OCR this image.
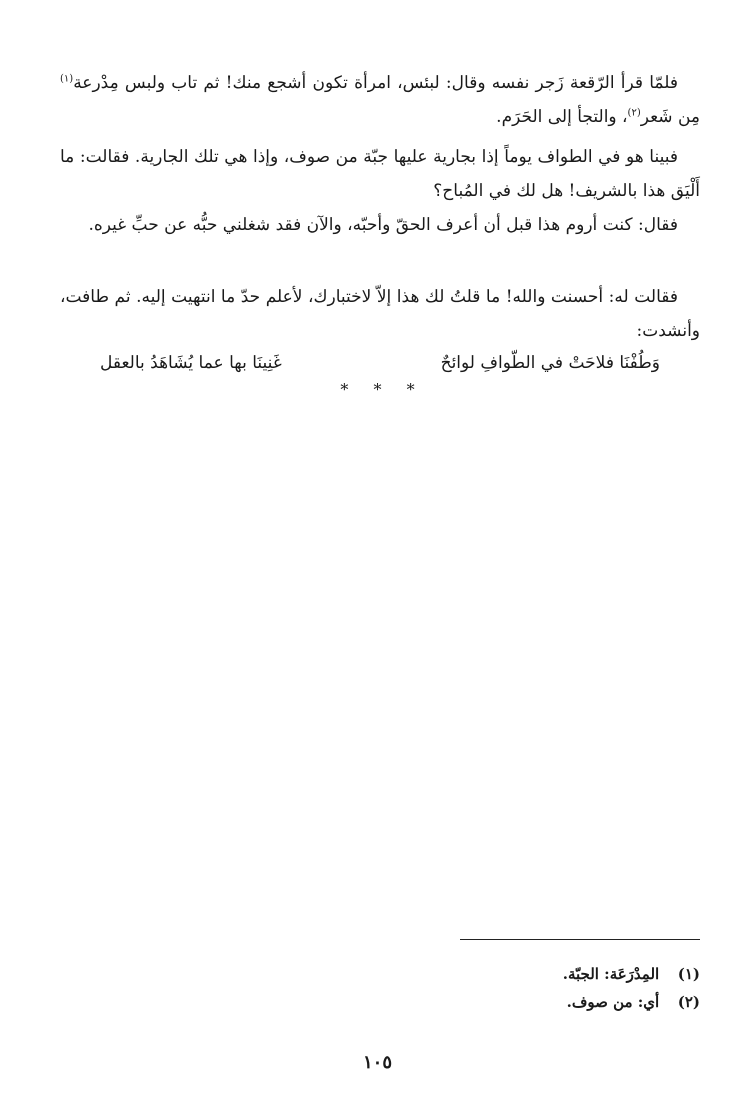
فلمّا قرأ الرّقعة زَجر نفسه وقال: لبئس، امرأة تكون أشجع منك! ثم تاب ولبس مِدْرعة$^{(١)}$ مِن شَعر$^{(٢)}$، والتجأ إلى الحَرَم.

فبينا هو في الطواف يوماً إذا بجارية عليها جبّة من صوف، وإذا هي تلك الجارية. فقالت: ما أَلْيَق هذا بالشريف! هل لك في المُباح؟

فقال: كنت أروم هذا قبل أن أعرف الحقّ وأحبّه، والآن فقد شغلني حبُّه عن حبِّ غيره.

فقالت له: أحسنت والله! ما قلتُ لك هذا إلاّ لاختبارك، لأعلم حدّ ما انتهيت إليه. ثم طافت، وأنشدت:

وَطُفْنَا فلاحَتْ في الطّوافِ لوائحٌ
غَنِينَا بها عما يُشَاهَدُ بالعقل
* * *
(١) المِدْرَعَة: الجبّة.
(٢) أي: من صوف.
١٠٥
